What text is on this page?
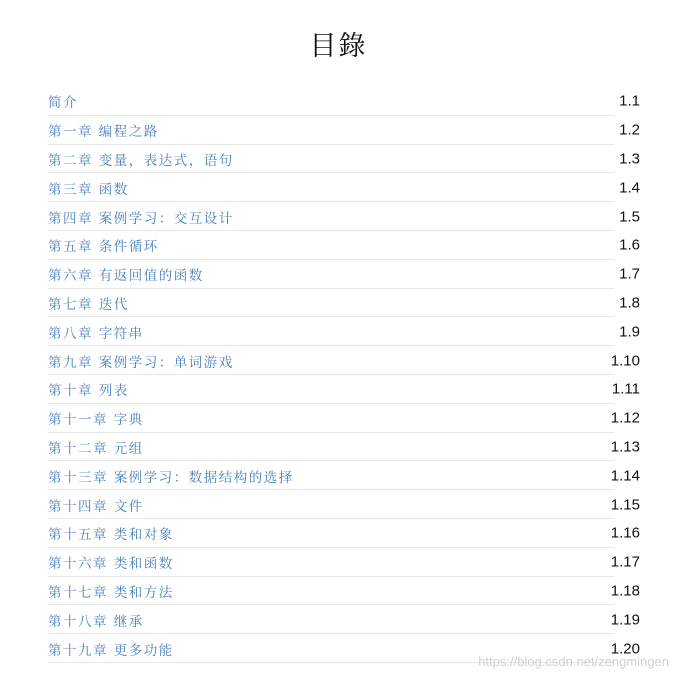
目錄
简介	1.1
第一章 编程之路	1.2
第二章 变量，表达式，语句	1.3
第三章 函数	1.4
第四章 案例学习：交互设计	1.5
第五章 条件循环	1.6
第六章 有返回值的函数	1.7
第七章 迭代	1.8
第八章 字符串	1.9
第九章 案例学习：单词游戏	1.10
第十章 列表	1.11
第十一章 字典	1.12
第十二章 元组	1.13
第十三章 案例学习：数据结构的选择	1.14
第十四章 文件	1.15
第十五章 类和对象	1.16
第十六章 类和函数	1.17
第十七章 类和方法	1.18
第十八章 继承	1.19
第十九章 更多功能	1.20
https://blog.csdn.net/zengmingen
